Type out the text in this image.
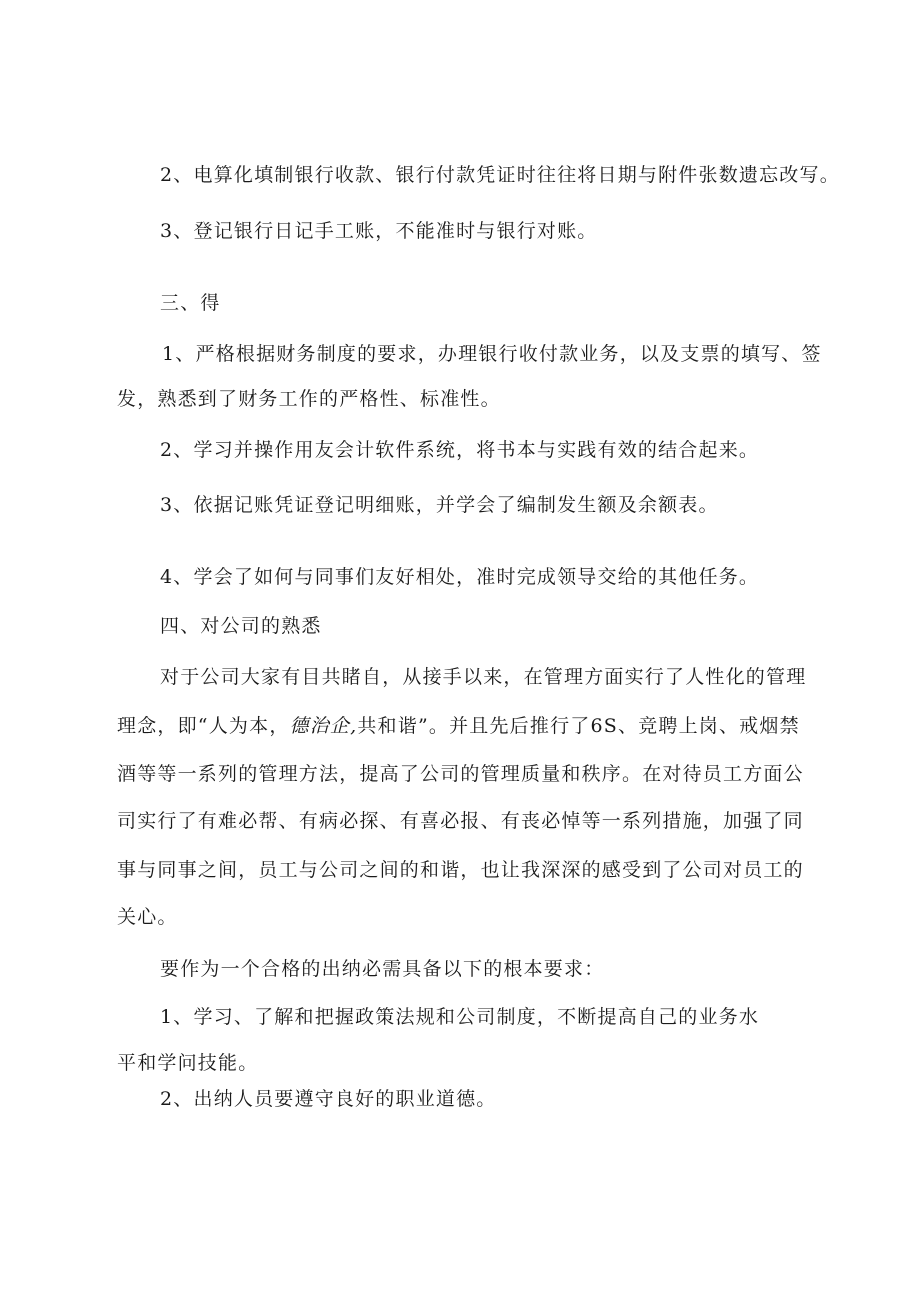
2、电算化填制银行收款、银行付款凭证时往往将日期与附件张数遗忘改写。

3、登记银行日记手工账，不能准时与银行对账。

三、得

1、严格根据财务制度的要求，办理银行收付款业务，以及支票的填写、签

发，熟悉到了财务工作的严格性、标准性。

2、学习并操作用友会计软件系统，将书本与实践有效的结合起来。

3、依据记账凭证登记明细账，并学会了编制发生额及余额表。

4、学会了如何与同事们友好相处，准时完成领导交给的其他任务。

四、对公司的熟悉

对于公司大家有目共睹自，从接手以来，在管理方面实行了人性化的管理

理念，即“人为本，德治企,共和谐”。并且先后推行了6S、竞聘上岗、戒烟禁

酒等等一系列的管理方法，提高了公司的管理质量和秩序。在对待员工方面公

司实行了有难必帮、有病必探、有喜必报、有丧必悼等一系列措施，加强了同

事与同事之间，员工与公司之间的和谐，也让我深深的感受到了公司对员工的

关心。

要作为一个合格的出纳必需具备以下的根本要求：

1、学习、了解和把握政策法规和公司制度，不断提高自己的业务水

平和学问技能。

2、出纳人员要遵守良好的职业道德。
